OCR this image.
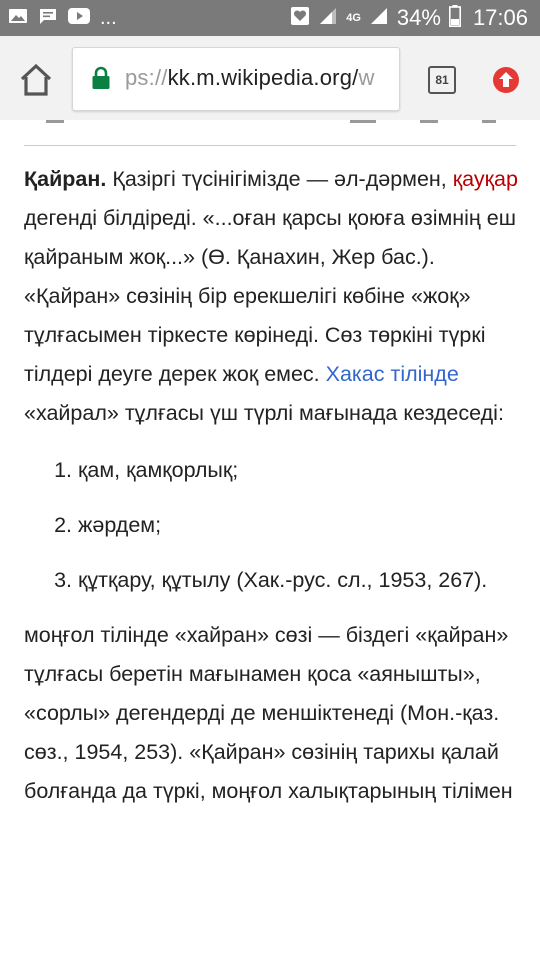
...	4G 34% 17:06
ps://kk.m.wikipedia.org/w	81

Қайран. Қазіргі түсінігімізде — әл-дәрмен, қауқар дегенді білдіреді. «...оған қарсы қоюға өзімнің еш қайраным жоқ...» (Ө. Қанахин, Жер бас.). «Қайран» сөзінің бір ерекшелігі көбіне «жоқ» тұлғасымен тіркесте көрінеді. Сөз төркіні түркі тілдері деуге дерек жоқ емес. Хакас тілінде «хайрал» тұлғасы үш түрлі мағынада кездеседі:

1. қам, қамқорлық;
2. жәрдем;
3. құтқару, құтылу (Хак.-рус. сл., 1953, 267).

моңғол тілінде «хайран» сөзі — біздегі «қайран» тұлғасы беретін мағынамен қоса «аянышты», «сорлы» дегендерді де меншіктенеді (Мон.-қаз. сөз., 1954, 253). «Қайран» сөзінің тарихы қалай болғанда да түркі, моңғол халықтарының тілімен
